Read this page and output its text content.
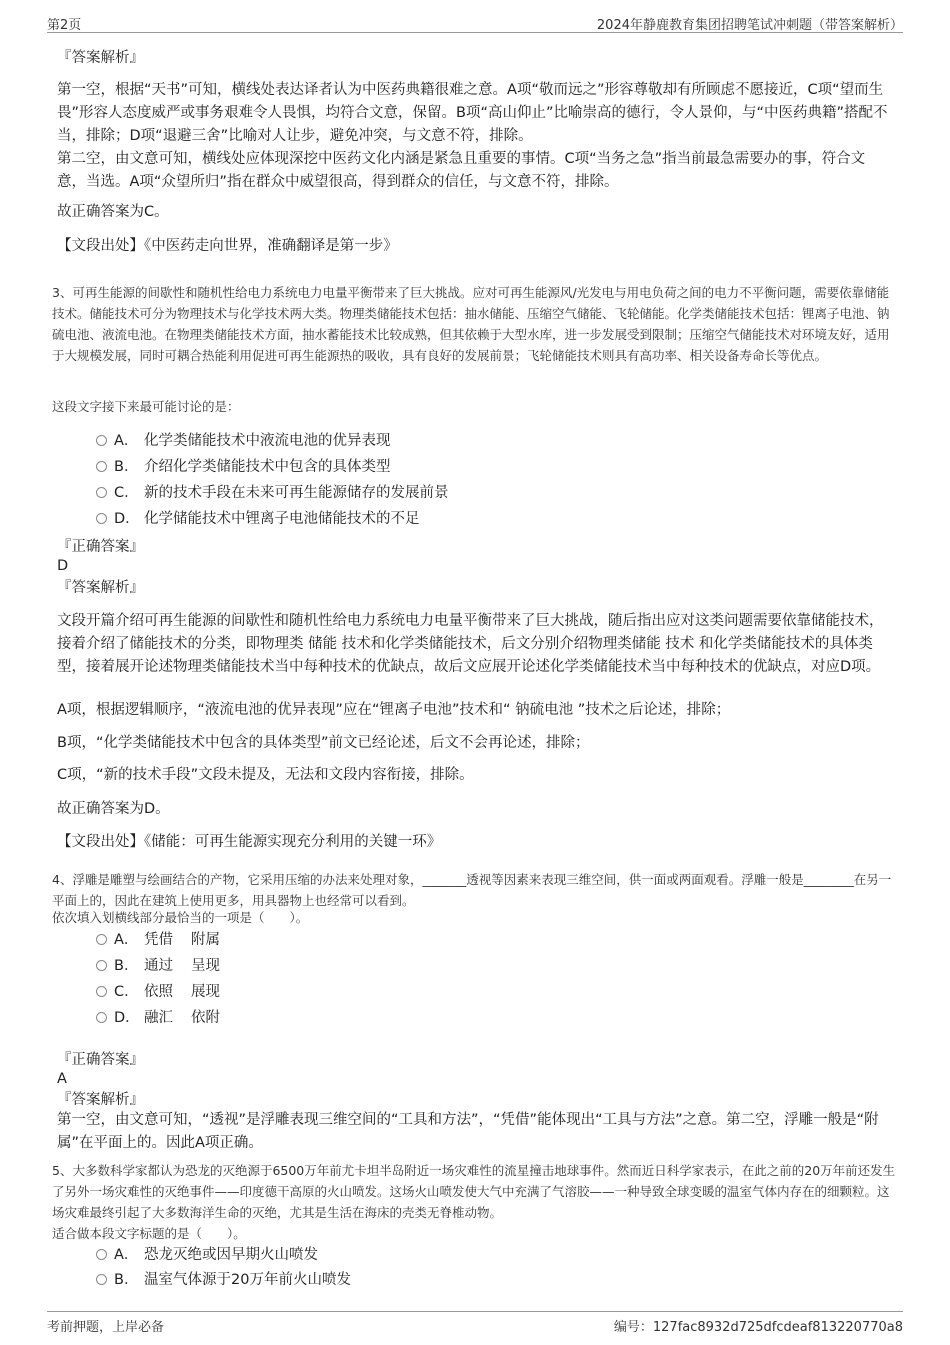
第2页	2024年静鹿教育集团招聘笔试冲刺题（带答案解析）
『答案解析』

第一空，根据“天书”可知，横线处表达译者认为中医药典籍很难之意。A项“敬而远之”形容尊敬却有所顾虑不愿接近，C项“望而生畏”形容人态度威严或事务艰难令人畏惧，均符合文意，保留。B项“高山仰止”比喻崇高的德行，令人景仰，与“中医药典籍”搭配不当，排除；D项“退避三舍”比喻对人让步，避免冲突，与文意不符，排除。

第二空，由文意可知，横线处应体现深挖中医药文化内涵是紧急且重要的事情。C项“当务之急”指当前最急需要办的事，符合文意，当选。A项“众望所归”指在群众中威望很高，得到群众的信任，与文意不符，排除。

故正确答案为C。

【文段出处】《中医药走向世界，准确翻译是第一步》

3、可再生能源的间歇性和随机性给电力系统电力电量平衡带来了巨大挑战。应对可再生能源风/光发电与用电负荷之间的电力不平衡问题，需要依靠储能技术。储能技术可分为物理技术与化学技术两大类。物理类储能技术包括：抽水储能、压缩空气储能、飞轮储能。化学类储能技术包括：锂离子电池、钠硫电池、液流电池。在物理类储能技术方面，抽水蓄能技术比较成熟，但其依赖于大型水库，进一步发展受到限制；压缩空气储能技术对环境友好，适用于大规模发展，同时可耦合热能利用促进可再生能源热的吸收，具有良好的发展前景；飞轮储能技术则具有高功率、相关设备寿命长等优点。

这段文字接下来最可能讨论的是：

A． 化学类储能技术中液流电池的优异表现
B． 介绍化学类储能技术中包含的具体类型
C． 新的技术手段在未来可再生能源储存的发展前景
D． 化学储能技术中锂离子电池储能技术的不足
『正确答案』
D
『答案解析』

文段开篇介绍可再生能源的间歇性和随机性给电力系统电力电量平衡带来了巨大挑战，随后指出应对这类问题需要依靠储能技术，接着介绍了储能技术的分类，即物理类 储能 技术和化学类储能技术，后文分别介绍物理类储能 技术 和化学类储能技术的具体类型，接着展开论述物理类储能技术当中每种技术的优缺点，故后文应展开论述化学类储能技术当中每种技术的优缺点，对应D项。

A项，根据逻辑顺序，“液流电池的优异表现”应在“锂离子电池”技术和“ 钠硫电池 ”技术之后论述，排除；

B项，“化学类储能技术中包含的具体类型”前文已经论述，后文不会再论述，排除；

C项，“新的技术手段”文段未提及，无法和文段内容衔接，排除。

故正确答案为D。

【文段出处】《储能：可再生能源实现充分利用的关键一环》

4、浮雕是雕塑与绘画结合的产物，它采用压缩的办法来处理对象，_______透视等因素来表现三维空间，供一面或两面观看。浮雕一般是________在另一平面上的，因此在建筑上使用更多，用具器物上也经常可以看到。

依次填入划横线部分最恰当的一项是（　　）。

A． 凭借 附属
B． 通过 呈现
C． 依照 展现
D． 融汇 依附
『正确答案』
A
『答案解析』

第一空，由文意可知，“透视”是浮雕表现三维空间的“工具和方法”，“凭借”能体现出“工具与方法”之意。第二空，浮雕一般是“附属”在平面上的。因此A项正确。

5、大多数科学家都认为恐龙的灭绝源于6500万年前尤卡坦半岛附近一场灾难性的流星撞击地球事件。然而近日科学家表示，在此之前的20万年前还发生了另外一场灾难性的灭绝事件——印度德干高原的火山喷发。这场火山喷发使大气中充满了气溶胶——一种导致全球变暖的温室气体内存在的细颗粒。这场灾难最终引起了大多数海洋生命的灭绝，尤其是生活在海床的壳类无脊椎动物。

适合做本段文字标题的是（　　）。

A． 恐龙灭绝或因早期火山喷发
B． 温室气体源于20万年前火山喷发
考前押题，上岸必备	编号：127fac8932d725dfcdeaf813220770a8
